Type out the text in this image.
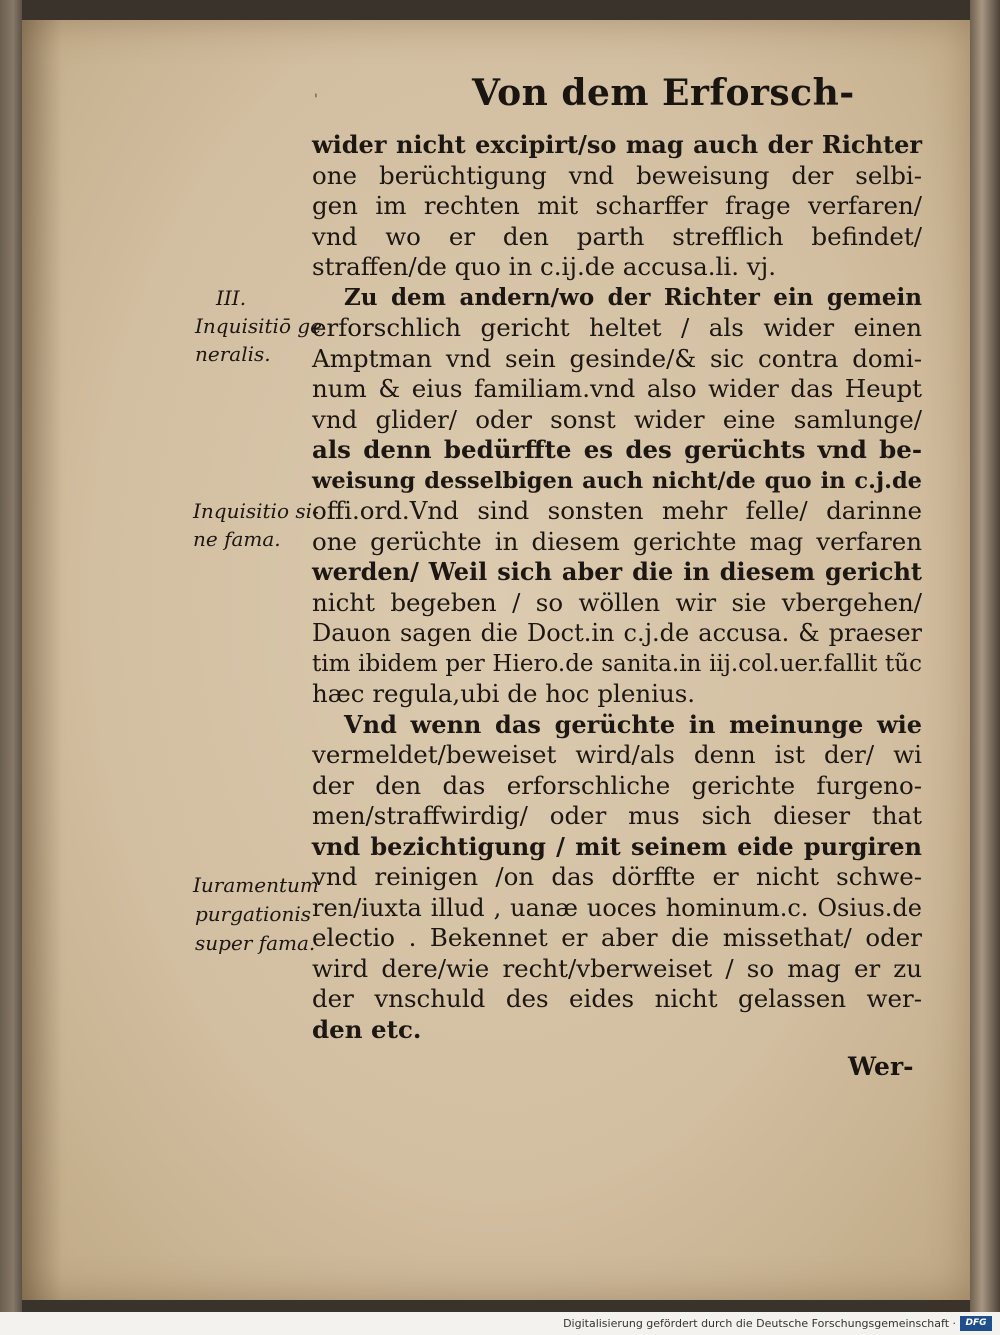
'	Von dem Erforsch-
wider nicht excipirt/so mag auch der Richter
one berüchtigung vnd beweisung der selbi-
gen im rechten mit scharffer frage verfaren/
vnd wo er den parth strefflich befindet/
straffen/de quo in c.ij.de accusa.li. vj.
Zu dem andern/wo der Richter ein gemein
erforschlich gericht heltet / als wider einen
Amptman vnd sein gesinde/& sic contra domi-
num & eius familiam.vnd also wider das Heupt
vnd glider/ oder sonst wider eine samlunge/
als denn bedürffte es des gerüchts vnd be-
weisung desselbigen auch nicht/de quo in c.j.de
offi.ord.Vnd sind sonsten mehr felle/ darinne
one gerüchte in diesem gerichte mag verfaren
werden/ Weil sich aber die in diesem gericht
nicht begeben / so wöllen wir sie vbergehen/
Dauon sagen die Doct.in c.j.de accusa. & praeser
tim ibidem per Hiero.de sanita.in iij.col.uer.fallit tũc
hæc regula,ubi de hoc plenius.
Vnd wenn das gerüchte in meinunge wie
vermeldet/beweiset wird/als denn ist der/ wi
der den das erforschliche gerichte furgeno-
men/straffwirdig/ oder mus sich dieser that
vnd bezichtigung / mit seinem eide purgiren
vnd reinigen /on das dörffte er nicht schwe-
ren/iuxta illud , uanæ uoces hominum.c. Osius.de
electio . Bekennet er aber die missethat/ oder
wird dere/wie recht/vberweiset / so mag er zu
der vnschuld des eides nicht gelassen wer-
den etc.
III.
Inquisitiō ge
neralis.
Inquisitio si-
ne fama.
Iuramentum
purgationis
super fama.
Wer-
Digitalisierung gefördert durch die Deutsche Forschungsgemeinschaft ·	DFG
